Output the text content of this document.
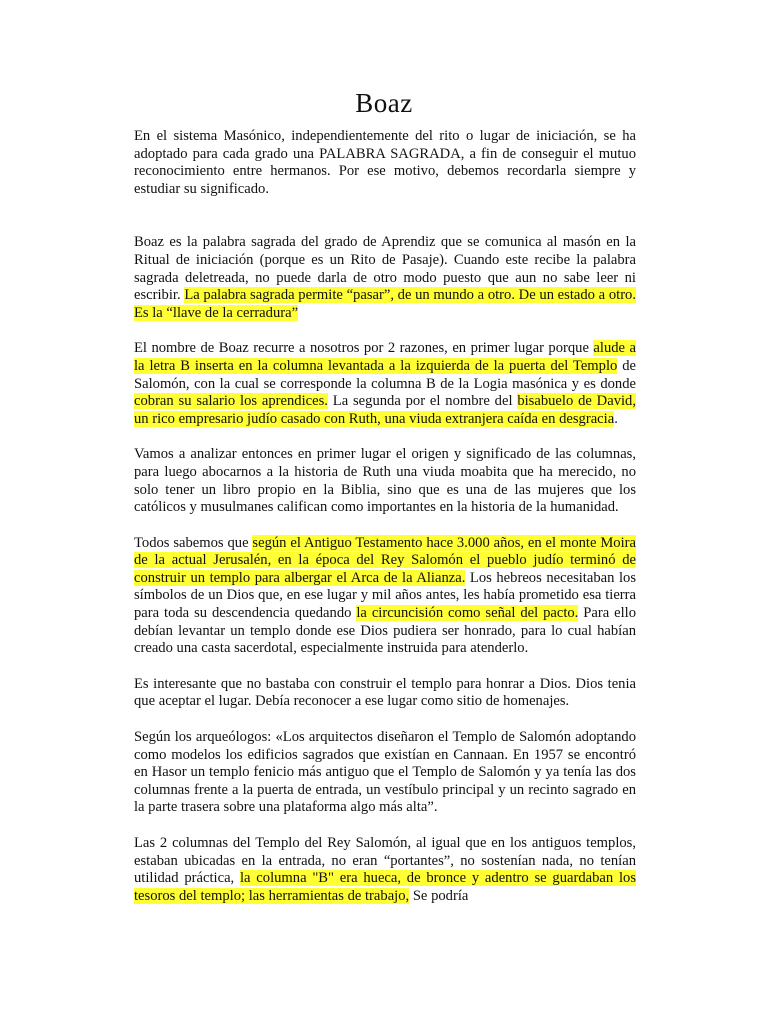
Boaz

En el sistema Masónico, independientemente del rito o lugar de iniciación, se ha adoptado para cada grado una PALABRA SAGRADA, a fin de conseguir el mutuo reconocimiento entre hermanos. Por ese motivo, debemos recordarla siempre y estudiar su significado.

Boaz es la palabra sagrada del grado de Aprendiz que se comunica al masón en la Ritual de iniciación (porque es un Rito de Pasaje). Cuando este recibe la palabra sagrada deletreada, no puede darla de otro modo puesto que aun no sabe leer ni escribir. La palabra sagrada permite “pasar”, de un mundo a otro. De un estado a otro. Es la “llave de la cerradura”

El nombre de Boaz recurre a nosotros por 2 razones, en primer lugar porque alude a la letra B inserta en la columna levantada a la izquierda de la puerta del Templo de Salomón, con la cual se corresponde la columna B de la Logia masónica y es donde cobran su salario los aprendices. La segunda por el nombre del bisabuelo de David, un rico empresario judío casado con Ruth, una viuda extranjera caída en desgracia.

Vamos a analizar entonces en primer lugar el origen y significado de las columnas, para luego abocarnos a la historia de Ruth una viuda moabita que ha merecido, no solo tener un libro propio en la Biblia, sino que es una de las mujeres que los católicos y musulmanes califican como importantes en la historia de la humanidad.

Todos sabemos que según el Antiguo Testamento hace 3.000 años, en el monte Moira de la actual Jerusalén, en la época del Rey Salomón el pueblo judío terminó de construir un templo para albergar el Arca de la Alianza. Los hebreos necesitaban los símbolos de un Dios que, en ese lugar y mil años antes, les había prometido esa tierra para toda su descendencia quedando la circuncisión como señal del pacto. Para ello debían levantar un templo donde ese Dios pudiera ser honrado, para lo cual habían creado una casta sacerdotal, especialmente instruida para atenderlo.

Es interesante que no bastaba con construir el templo para honrar a Dios. Dios tenia que aceptar el lugar. Debía reconocer a ese lugar como sitio de homenajes.

Según los arqueólogos: «Los arquitectos diseñaron el Templo de Salomón adoptando como modelos los edificios sagrados que existían en Cannaan. En 1957 se encontró en Hasor un templo fenicio más antiguo que el Templo de Salomón y ya tenía las dos columnas frente a la puerta de entrada, un vestíbulo principal y un recinto sagrado en la parte trasera sobre una plataforma algo más alta”.

Las 2 columnas del Templo del Rey Salomón, al igual que en los antiguos templos, estaban ubicadas en la entrada, no eran “portantes”, no sostenían nada, no tenían utilidad práctica, la columna "B" era hueca, de bronce y adentro se guardaban los tesoros del templo; las herramientas de trabajo, Se podría
